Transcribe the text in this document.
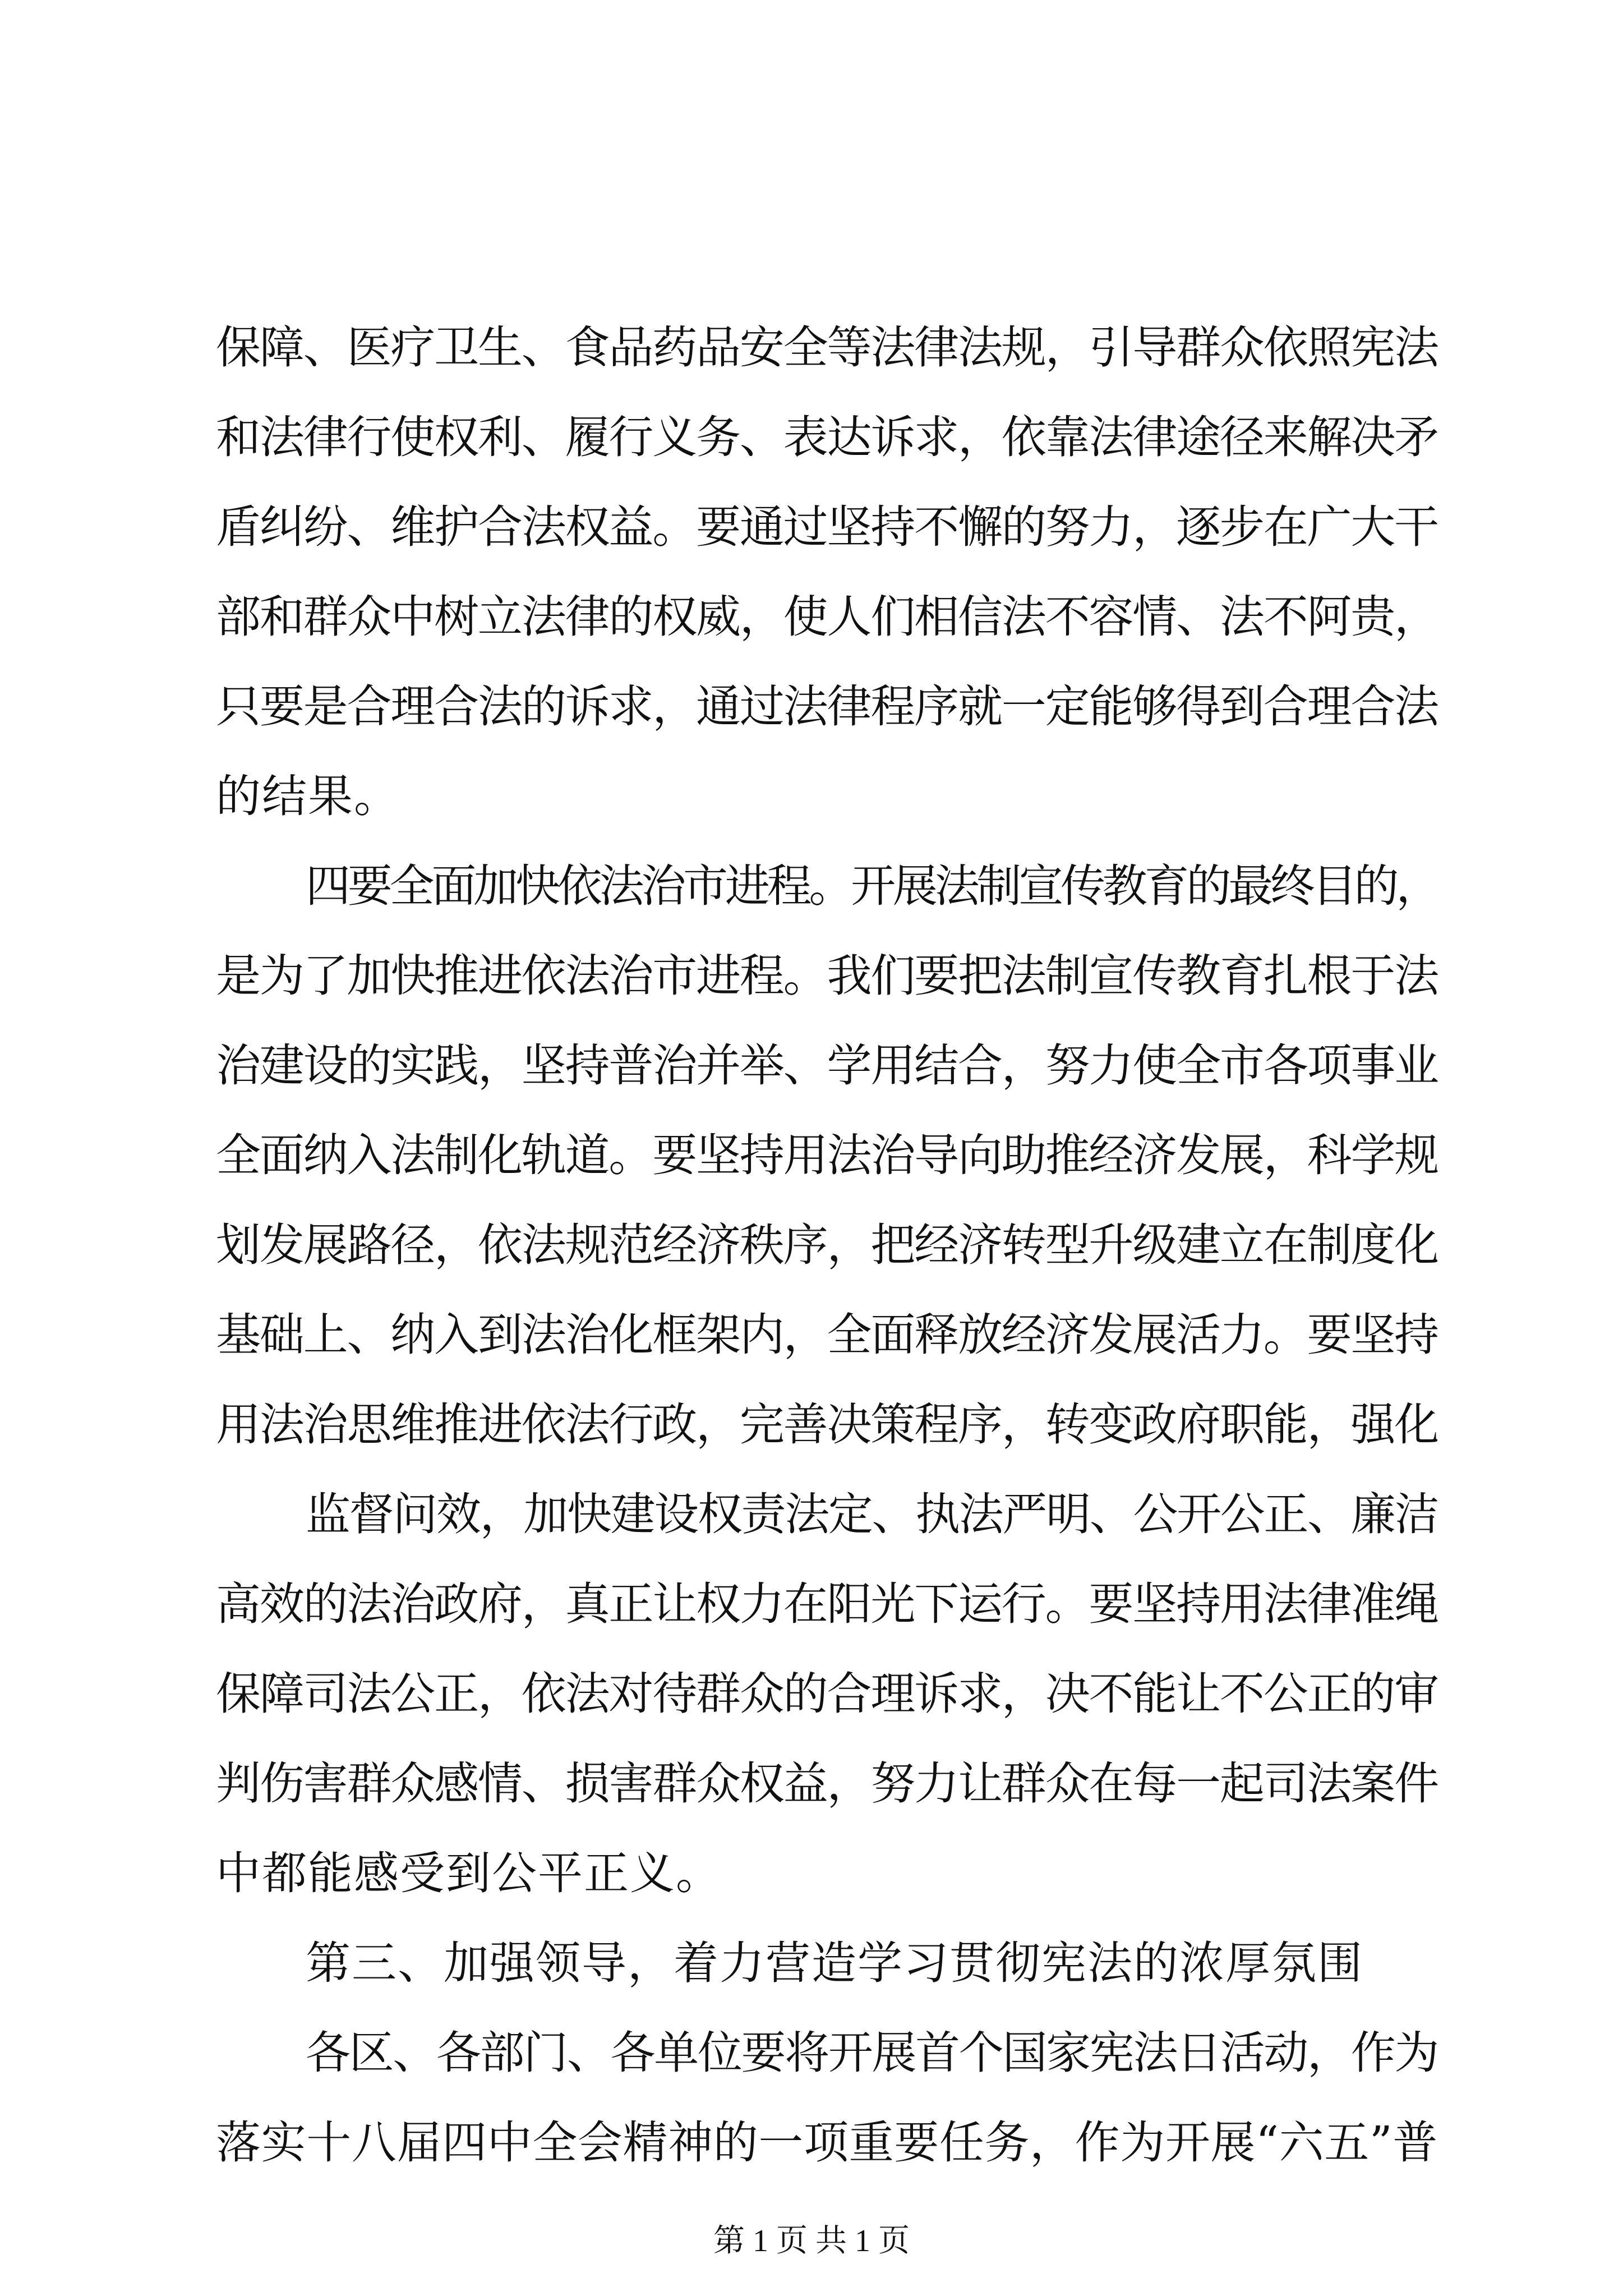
保障、医疗卫生、食品药品安全等法律法规，引导群众依照宪法
和法律行使权利、履行义务、表达诉求，依靠法律途径来解决矛
盾纠纷、维护合法权益。要通过坚持不懈的努力，逐步在广大干
部和群众中树立法律的权威，使人们相信法不容情、法不阿贵，
只要是合理合法的诉求，通过法律程序就一定能够得到合理合法
的结果。
四要全面加快依法治市进程。开展法制宣传教育的最终目的，
是为了加快推进依法治市进程。我们要把法制宣传教育扎根于法
治建设的实践，坚持普治并举、学用结合，努力使全市各项事业
全面纳入法制化轨道。要坚持用法治导向助推经济发展，科学规
划发展路径，依法规范经济秩序，把经济转型升级建立在制度化
基础上、纳入到法治化框架内，全面释放经济发展活力。要坚持
用法治思维推进依法行政，完善决策程序，转变政府职能，强化
监督问效，加快建设权责法定、执法严明、公开公正、廉洁
高效的法治政府，真正让权力在阳光下运行。要坚持用法律准绳
保障司法公正，依法对待群众的合理诉求，决不能让不公正的审
判伤害群众感情、损害群众权益，努力让群众在每一起司法案件
中都能感受到公平正义。
第三、加强领导，着力营造学习贯彻宪法的浓厚氛围
各区、各部门、各单位要将开展首个国家宪法日活动，作为
第 1 页 共 1 页
落实十八届四中全会精神的一项重要任务，作为开展“六五”普
